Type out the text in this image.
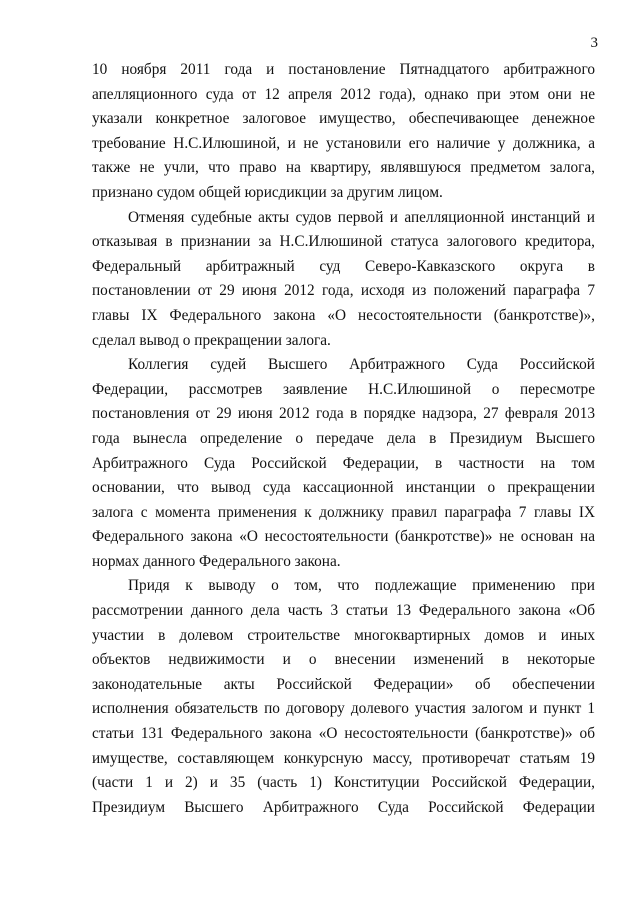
3

10 ноября 2011 года и постановление Пятнадцатого арбитражного

апелляционного суда от 12 апреля 2012 года), однако при этом они не

указали конкретное залоговое имущество, обеспечивающее денежное

требование Н.С.Илюшиной, и не установили его наличие у должника, а

также не учли, что право на квартиру, являвшуюся предметом залога,

признано судом общей юрисдикции за другим лицом.

Отменяя судебные акты судов первой и апелляционной инстанций и

отказывая в признании за Н.С.Илюшиной статуса залогового кредитора,

Федеральный арбитражный суд Северо-Кавказского округа в

постановлении от 29 июня 2012 года, исходя из положений параграфа 7

главы IX Федерального закона «О несостоятельности (банкротстве)»,

сделал вывод о прекращении залога.

Коллегия судей Высшего Арбитражного Суда Российской

Федерации, рассмотрев заявление Н.С.Илюшиной о пересмотре

постановления от 29 июня 2012 года в порядке надзора, 27 февраля 2013

года вынесла определение о передаче дела в Президиум Высшего

Арбитражного Суда Российской Федерации, в частности на том

основании, что вывод суда кассационной инстанции о прекращении

залога с момента применения к должнику правил параграфа 7 главы IX

Федерального закона «О несостоятельности (банкротстве)» не основан на

нормах данного Федерального закона.

Придя к выводу о том, что подлежащие применению при

рассмотрении данного дела часть 3 статьи 13 Федерального закона «Об

участии в долевом строительстве многоквартирных домов и иных

объектов недвижимости и о внесении изменений в некоторые

законодательные акты Российской Федерации» об обеспечении

исполнения обязательств по договору долевого участия залогом и пункт 1

статьи 131 Федерального закона «О несостоятельности (банкротстве)» об

имуществе, составляющем конкурсную массу, противоречат статьям 19

(части 1 и 2) и 35 (часть 1) Конституции Российской Федерации,

Президиум Высшего Арбитражного Суда Российской Федерации
